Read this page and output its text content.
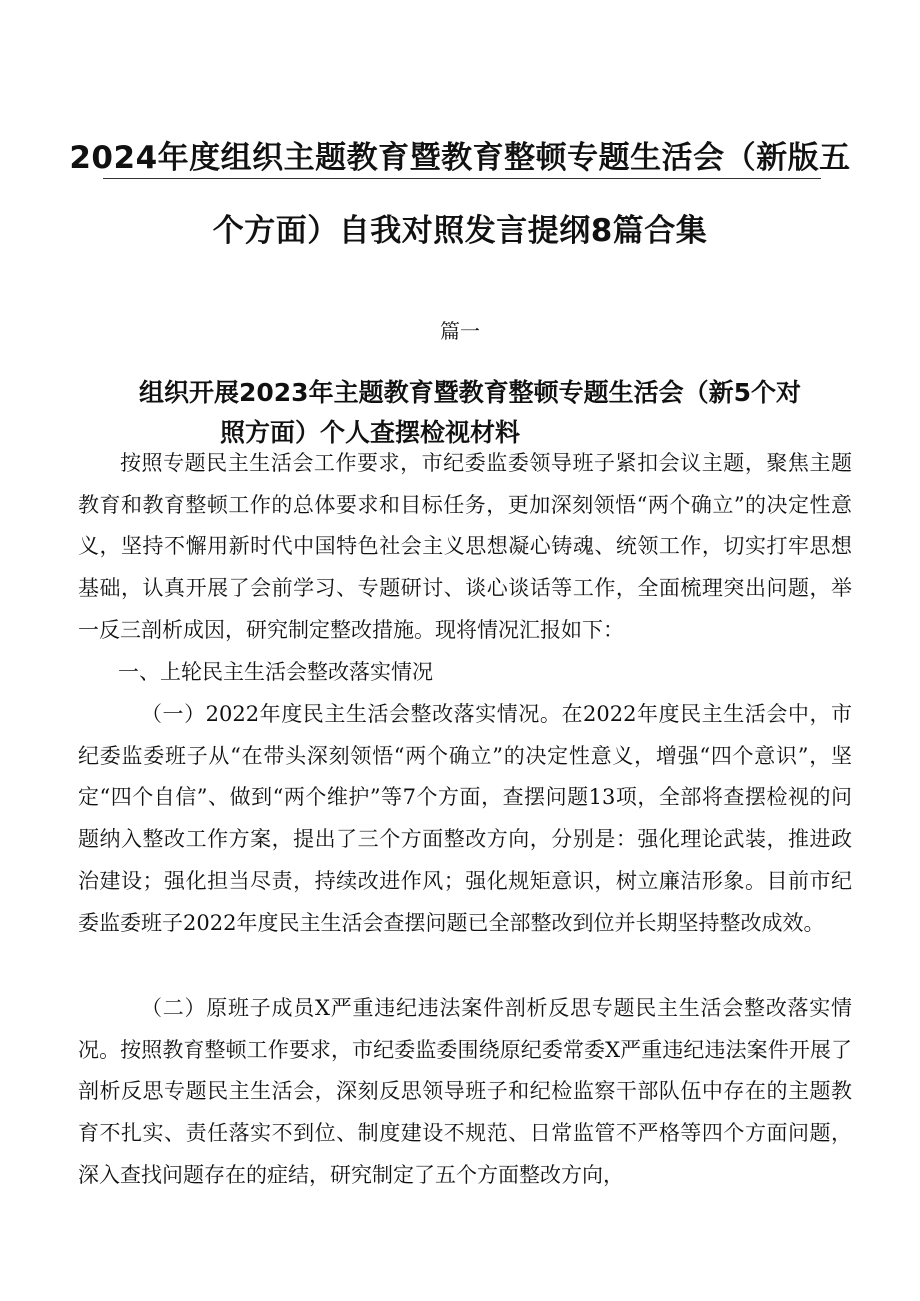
2024年度组织主题教育暨教育整顿专题生活会（新版五
个方面）自我对照发言提纲8篇合集
篇一
组织开展2023年主题教育暨教育整顿专题生活会（新5个对
照方面）个人查摆检视材料

按照专题民主生活会工作要求，市纪委监委领导班子紧扣会议主题，聚焦主题教育和教育整顿工作的总体要求和目标任务，更加深刻领悟“两个确立”的决定性意义，坚持不懈用新时代中国特色社会主义思想凝心铸魂、统领工作，切实打牢思想基础，认真开展了会前学习、专题研讨、谈心谈话等工作，全面梳理突出问题，举一反三剖析成因，研究制定整改措施。现将情况汇报如下：

一、上轮民主生活会整改落实情况

（一）2022年度民主生活会整改落实情况。在2022年度民主生活会中，市纪委监委班子从“在带头深刻领悟“两个确立”的决定性意义，增强“四个意识”，坚定“四个自信”、做到“两个维护”等7个方面，查摆问题13项，全部将查摆检视的问题纳入整改工作方案，提出了三个方面整改方向，分别是：强化理论武装，推进政治建设；强化担当尽责，持续改进作风；强化规矩意识，树立廉洁形象。目前市纪委监委班子2022年度民主生活会查摆问题已全部整改到位并长期坚持整改成效。

（二）原班子成员X严重违纪违法案件剖析反思专题民主生活会整改落实情况。按照教育整顿工作要求，市纪委监委围绕原纪委常委X严重违纪违法案件开展了剖析反思专题民主生活会，深刻反思领导班子和纪检监察干部队伍中存在的主题教育不扎实、责任落实不到位、制度建设不规范、日常监管不严格等四个方面问题，深入查找问题存在的症结，研究制定了五个方面整改方向，
